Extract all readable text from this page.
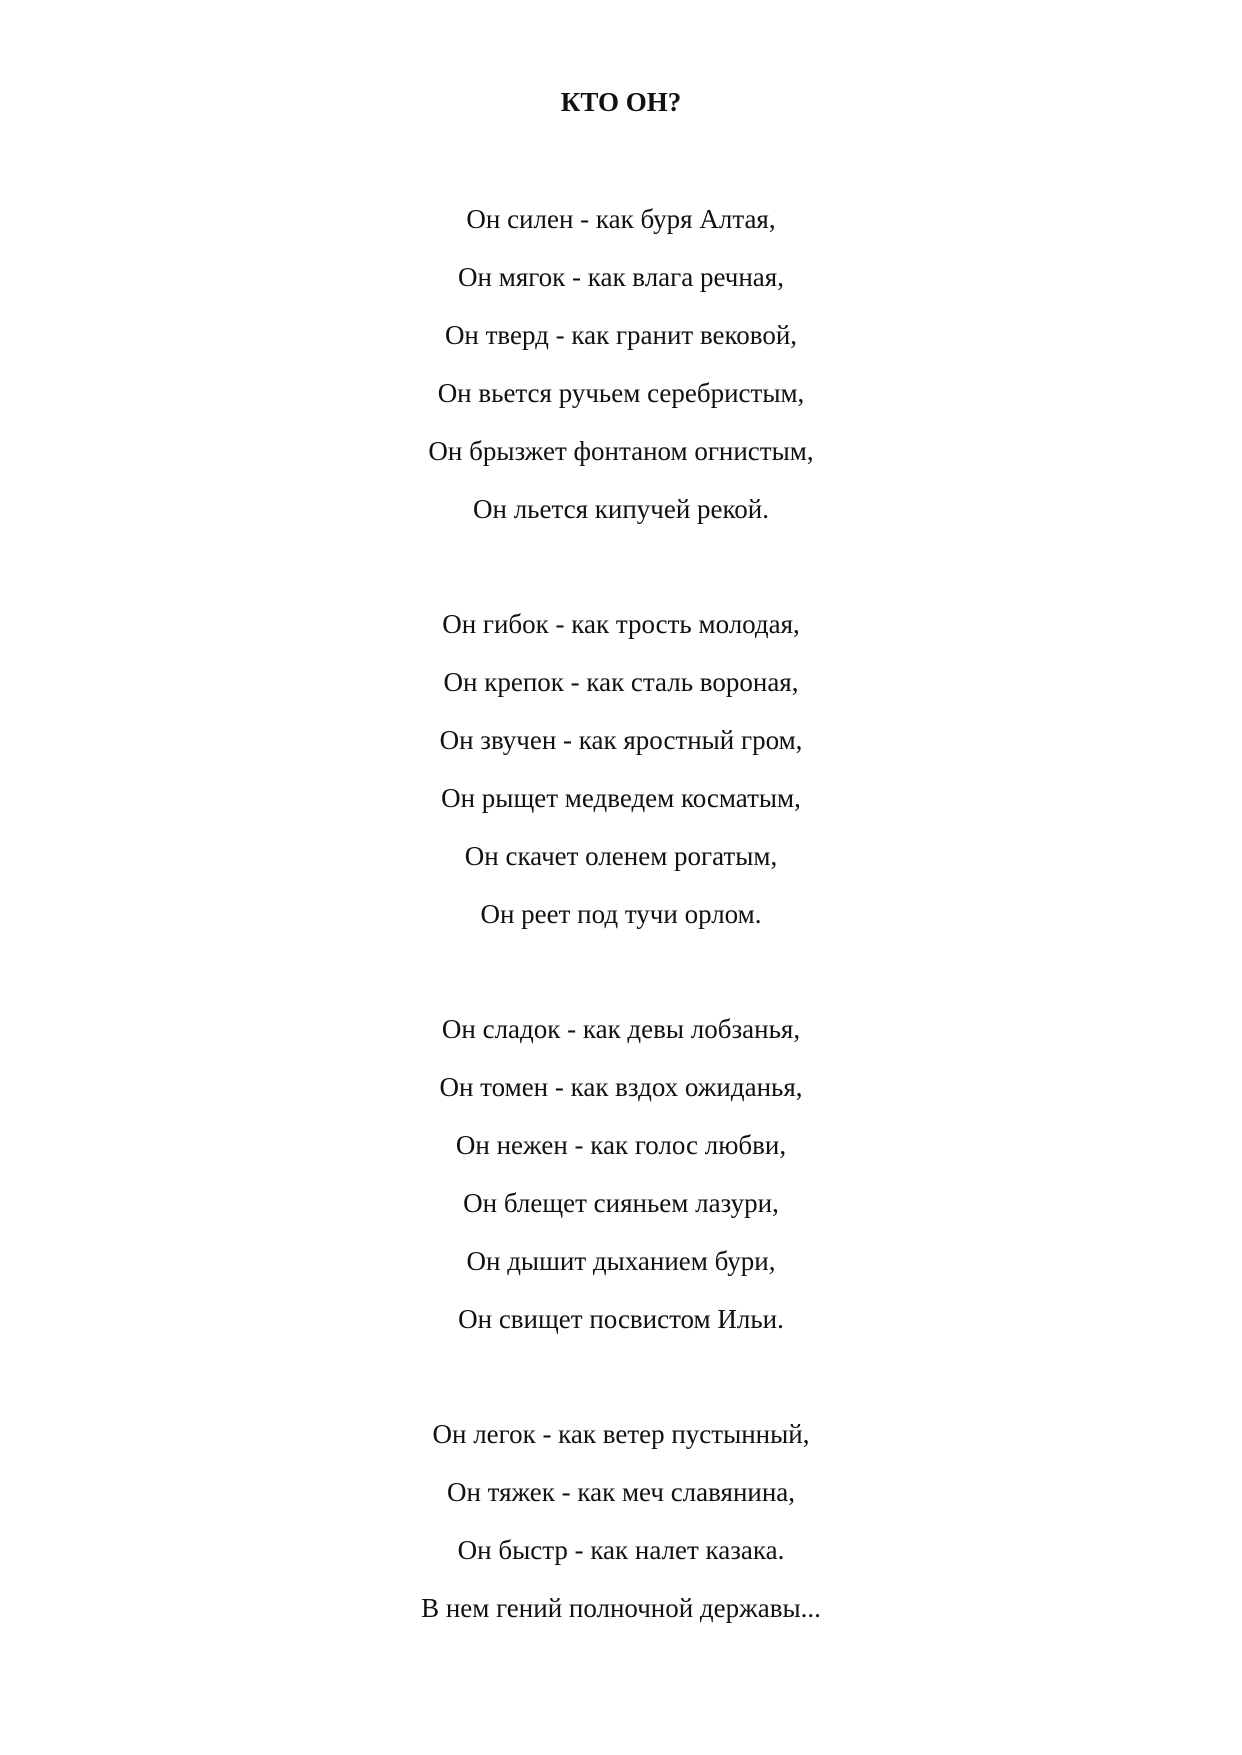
КТО ОН?
Он силен - как буря Алтая,
Он мягок - как влага речная,
Он тверд - как гранит вековой,
Он вьется ручьем серебристым,
Он брызжет фонтаном огнистым,
Он льется кипучей рекой.
Он гибок - как трость молодая,
Он крепок - как сталь вороная,
Он звучен - как яростный гром,
Он рыщет медведем косматым,
Он скачет оленем рогатым,
Он реет под тучи орлом.
Он сладок - как девы лобзанья,
Он томен - как вздох ожиданья,
Он нежен - как голос любви,
Он блещет сияньем лазури,
Он дышит дыханием бури,
Он свищет посвистом Ильи.
Он легок - как ветер пустынный,
Он тяжек - как меч славянина,
Он быстр - как налет казака.
В нем гений полночной державы...
